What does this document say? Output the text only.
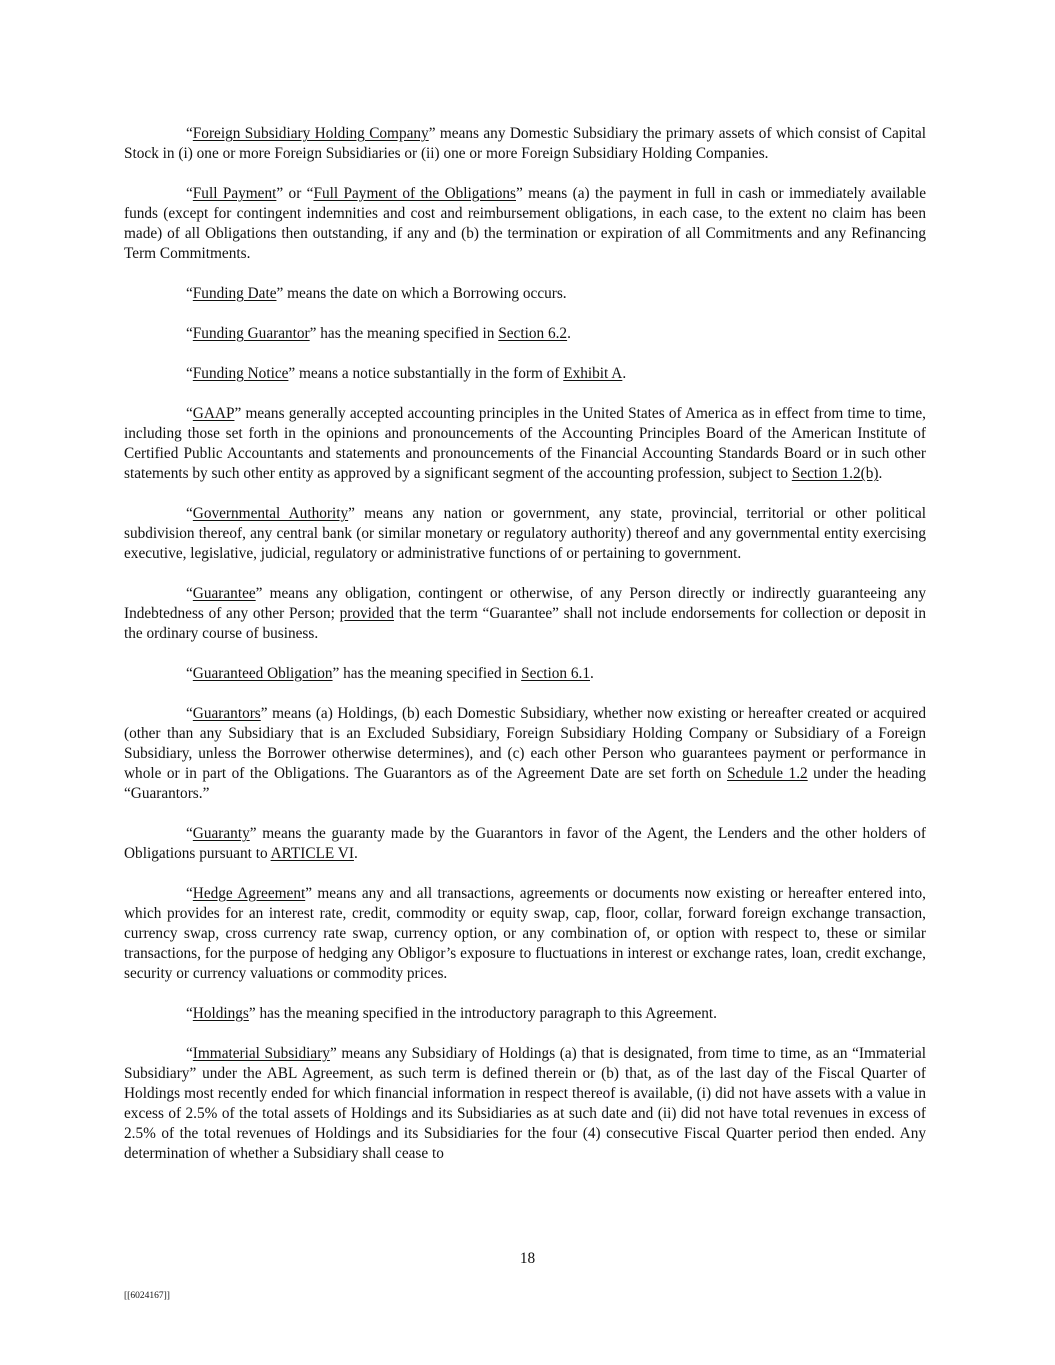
“Foreign Subsidiary Holding Company” means any Domestic Subsidiary the primary assets of which consist of Capital Stock in (i) one or more Foreign Subsidiaries or (ii) one or more Foreign Subsidiary Holding Companies.

“Full Payment” or “Full Payment of the Obligations” means (a) the payment in full in cash or immediately available funds (except for contingent indemnities and cost and reimbursement obligations, in each case, to the extent no claim has been made) of all Obligations then outstanding, if any and (b) the termination or expiration of all Commitments and any Refinancing Term Commitments.

“Funding Date” means the date on which a Borrowing occurs.

“Funding Guarantor” has the meaning specified in Section 6.2.

“Funding Notice” means a notice substantially in the form of Exhibit A.

“GAAP” means generally accepted accounting principles in the United States of America as in effect from time to time, including those set forth in the opinions and pronouncements of the Accounting Principles Board of the American Institute of Certified Public Accountants and statements and pronouncements of the Financial Accounting Standards Board or in such other statements by such other entity as approved by a significant segment of the accounting profession, subject to Section 1.2(b).

“Governmental Authority” means any nation or government, any state, provincial, territorial or other political subdivision thereof, any central bank (or similar monetary or regulatory authority) thereof and any governmental entity exercising executive, legislative, judicial, regulatory or administrative functions of or pertaining to government.

“Guarantee” means any obligation, contingent or otherwise, of any Person directly or indirectly guaranteeing any Indebtedness of any other Person; provided that the term “Guarantee” shall not include endorsements for collection or deposit in the ordinary course of business.

“Guaranteed Obligation” has the meaning specified in Section 6.1.

“Guarantors” means (a) Holdings, (b) each Domestic Subsidiary, whether now existing or hereafter created or acquired (other than any Subsidiary that is an Excluded Subsidiary, Foreign Subsidiary Holding Company or Subsidiary of a Foreign Subsidiary, unless the Borrower otherwise determines), and (c) each other Person who guarantees payment or performance in whole or in part of the Obligations. The Guarantors as of the Agreement Date are set forth on Schedule 1.2 under the heading “Guarantors.”

“Guaranty” means the guaranty made by the Guarantors in favor of the Agent, the Lenders and the other holders of Obligations pursuant to ARTICLE VI.

“Hedge Agreement” means any and all transactions, agreements or documents now existing or hereafter entered into, which provides for an interest rate, credit, commodity or equity swap, cap, floor, collar, forward foreign exchange transaction, currency swap, cross currency rate swap, currency option, or any combination of, or option with respect to, these or similar transactions, for the purpose of hedging any Obligor’s exposure to fluctuations in interest or exchange rates, loan, credit exchange, security or currency valuations or commodity prices.

“Holdings” has the meaning specified in the introductory paragraph to this Agreement.

“Immaterial Subsidiary” means any Subsidiary of Holdings (a) that is designated, from time to time, as an “Immaterial Subsidiary” under the ABL Agreement, as such term is defined therein or (b) that, as of the last day of the Fiscal Quarter of Holdings most recently ended for which financial information in respect thereof is available, (i) did not have assets with a value in excess of 2.5% of the total assets of Holdings and its Subsidiaries as at such date and (ii) did not have total revenues in excess of 2.5% of the total revenues of Holdings and its Subsidiaries for the four (4) consecutive Fiscal Quarter period then ended. Any determination of whether a Subsidiary shall cease to

18
[[6024167]]
